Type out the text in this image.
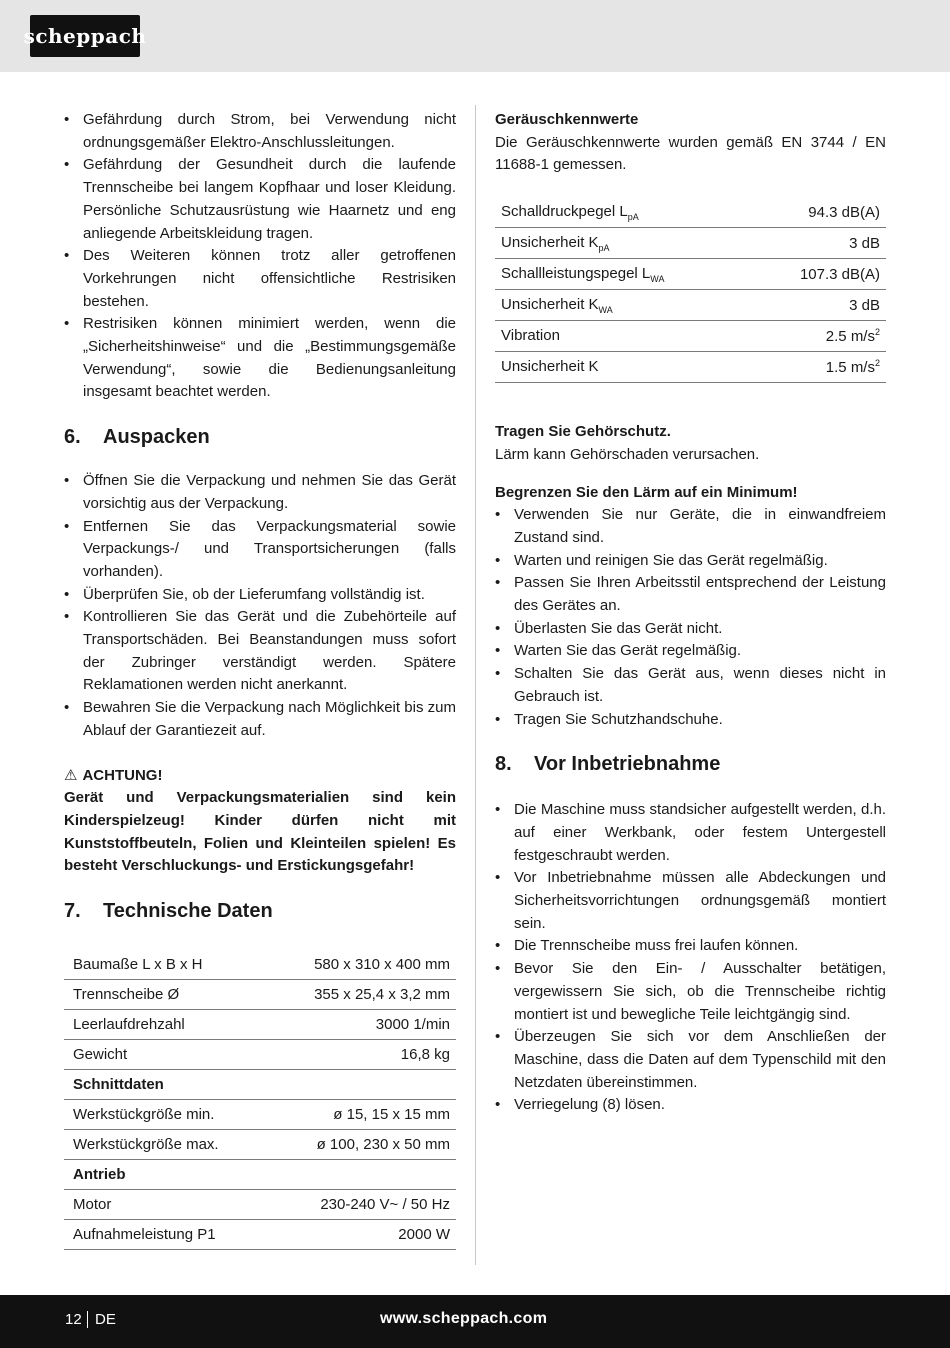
scheppach
• Gefährdung durch Strom, bei Verwendung nicht ordnungsgemäßer Elektro-Anschlussleitungen.
• Gefährdung der Gesundheit durch die laufende Trennscheibe bei langem Kopfhaar und loser Kleidung. Persönliche Schutzausrüstung wie Haarnetz und eng anliegende Arbeitskleidung tragen.
• Des Weiteren können trotz aller getroffenen Vorkehrungen nicht offensichtliche Restrisiken bestehen.
• Restrisiken können minimiert werden, wenn die „Sicherheitshinweise“ und die „Bestimmungsgemäße Verwendung“, sowie die Bedienungsanleitung insgesamt beachtet werden.
6.	Auspacken
• Öffnen Sie die Verpackung und nehmen Sie das Gerät vorsichtig aus der Verpackung.
• Entfernen Sie das Verpackungsmaterial sowie Verpackungs-/ und Transportsicherungen (falls vorhanden).
• Überprüfen Sie, ob der Lieferumfang vollständig ist.
• Kontrollieren Sie das Gerät und die Zubehörteile auf Transportschäden. Bei Beanstandungen muss sofort der Zubringer verständigt werden. Spätere Reklamationen werden nicht anerkannt.
• Bewahren Sie die Verpackung nach Möglichkeit bis zum Ablauf der Garantiezeit auf.
⚠ ACHTUNG!

Gerät und Verpackungsmaterialien sind kein Kinderspielzeug! Kinder dürfen nicht mit Kunststoffbeuteln, Folien und Kleinteilen spielen! Es besteht Verschluckungs- und Erstickungsgefahr!

7.	Technische Daten
Baumaße L x B x H	580 x 310 x 400 mm
Trennscheibe Ø	355 x 25,4 x 3,2 mm
Leerlaufdrehzahl	3000 1/min
Gewicht	16,8 kg
Schnittdaten	
Werkstückgröße min.	ø 15, 15 x 15 mm
Werkstückgröße max.	ø 100, 230 x 50 mm
Antrieb	
Motor	230-240 V~ / 50 Hz
Aufnahmeleistung P1	2000 W

Geräuschkennwerte

Die Geräuschkennwerte wurden gemäß EN 3744 / EN 11688-1 gemessen.

Schalldruckpegel $L_{pA}$	94.3 dB(A)
Unsicherheit $K_{pA}$	3 dB
Schallleistungspegel $L_{WA}$	107.3 dB(A)
Unsicherheit $K_{WA}$	3 dB
Vibration	2.5 $m/s^2$
Unsicherheit K	1.5 $m/s^2$

Tragen Sie Gehörschutz.

Lärm kann Gehörschaden verursachen.

Begrenzen Sie den Lärm auf ein Minimum!

• Verwenden Sie nur Geräte, die in einwandfreiem Zustand sind.
• Warten und reinigen Sie das Gerät regelmäßig.
• Passen Sie Ihren Arbeitsstil entsprechend der Leistung des Gerätes an.
• Überlasten Sie das Gerät nicht.
• Warten Sie das Gerät regelmäßig.
• Schalten Sie das Gerät aus, wenn dieses nicht in Gebrauch ist.
• Tragen Sie Schutzhandschuhe.
8.	Vor Inbetriebnahme
• Die Maschine muss standsicher aufgestellt werden, d.h. auf einer Werkbank, oder festem Untergestell festgeschraubt werden.
• Vor Inbetriebnahme müssen alle Abdeckungen und Sicherheitsvorrichtungen ordnungsgemäß montiert sein.
• Die Trennscheibe muss frei laufen können.
• Bevor Sie den Ein- / Ausschalter betätigen, vergewissern Sie sich, ob die Trennscheibe richtig montiert ist und bewegliche Teile leichtgängig sind.
• Überzeugen Sie sich vor dem Anschließen der Maschine, dass die Daten auf dem Typenschild mit den Netzdaten übereinstimmen.
• Verriegelung (8) lösen.
12 DE	www.scheppach.com
